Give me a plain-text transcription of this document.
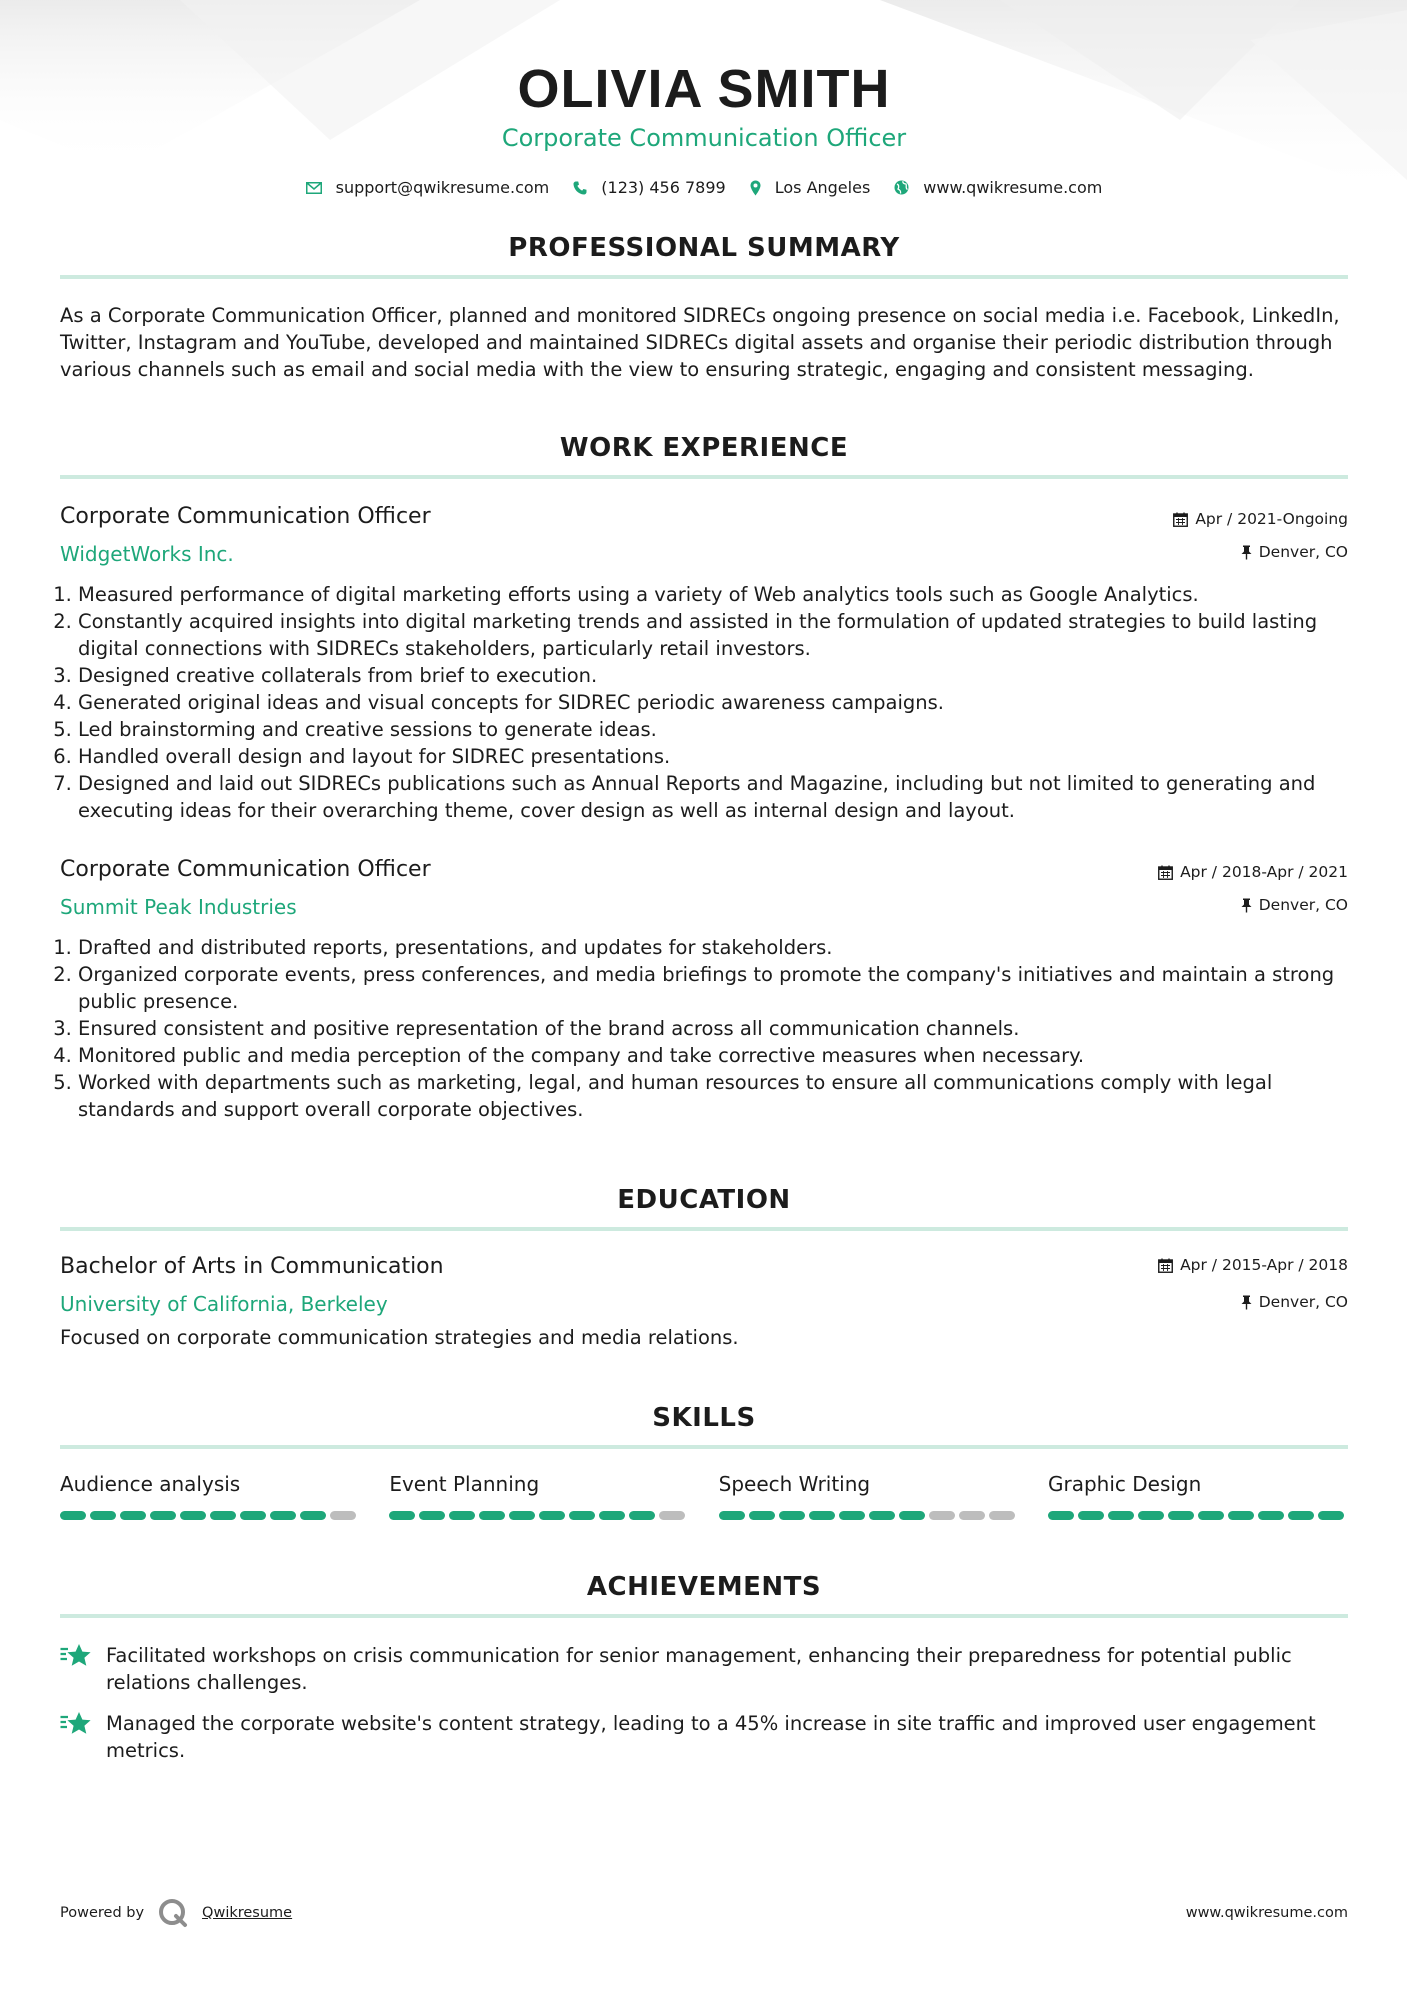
OLIVIA SMITH
Corporate Communication Officer
support@qwikresume.com	(123) 456 7899	Los Angeles	www.qwikresume.com
PROFESSIONAL SUMMARY
As a Corporate Communication Officer, planned and monitored SIDRECs ongoing presence on social media i.e. Facebook, LinkedIn, Twitter, Instagram and YouTube, developed and maintained SIDRECs digital assets and organise their periodic distribution through various channels such as email and social media with the view to ensuring strategic, engaging and consistent messaging.
WORK EXPERIENCE
Corporate Communication Officer
WidgetWorks Inc.
Apr / 2021-Ongoing
Denver, CO
1. Measured performance of digital marketing efforts using a variety of Web analytics tools such as Google Analytics.
2. Constantly acquired insights into digital marketing trends and assisted in the formulation of updated strategies to build lasting digital connections with SIDRECs stakeholders, particularly retail investors.
3. Designed creative collaterals from brief to execution.
4. Generated original ideas and visual concepts for SIDREC periodic awareness campaigns.
5. Led brainstorming and creative sessions to generate ideas.
6. Handled overall design and layout for SIDREC presentations.
7. Designed and laid out SIDRECs publications such as Annual Reports and Magazine, including but not limited to generating and executing ideas for their overarching theme, cover design as well as internal design and layout.
Corporate Communication Officer
Summit Peak Industries
Apr / 2018-Apr / 2021
Denver, CO
1. Drafted and distributed reports, presentations, and updates for stakeholders.
2. Organized corporate events, press conferences, and media briefings to promote the company's initiatives and maintain a strong public presence.
3. Ensured consistent and positive representation of the brand across all communication channels.
4. Monitored public and media perception of the company and take corrective measures when necessary.
5. Worked with departments such as marketing, legal, and human resources to ensure all communications comply with legal standards and support overall corporate objectives.
EDUCATION
Bachelor of Arts in Communication
University of California, Berkeley
Apr / 2015-Apr / 2018
Denver, CO
Focused on corporate communication strategies and media relations.
SKILLS
Audience analysis	Event Planning	Speech Writing	Graphic Design
ACHIEVEMENTS
Facilitated workshops on crisis communication for senior management, enhancing their preparedness for potential public relations challenges.
Managed the corporate website's content strategy, leading to a 45% increase in site traffic and improved user engagement metrics.
Powered by	Qwikresume	www.qwikresume.com
